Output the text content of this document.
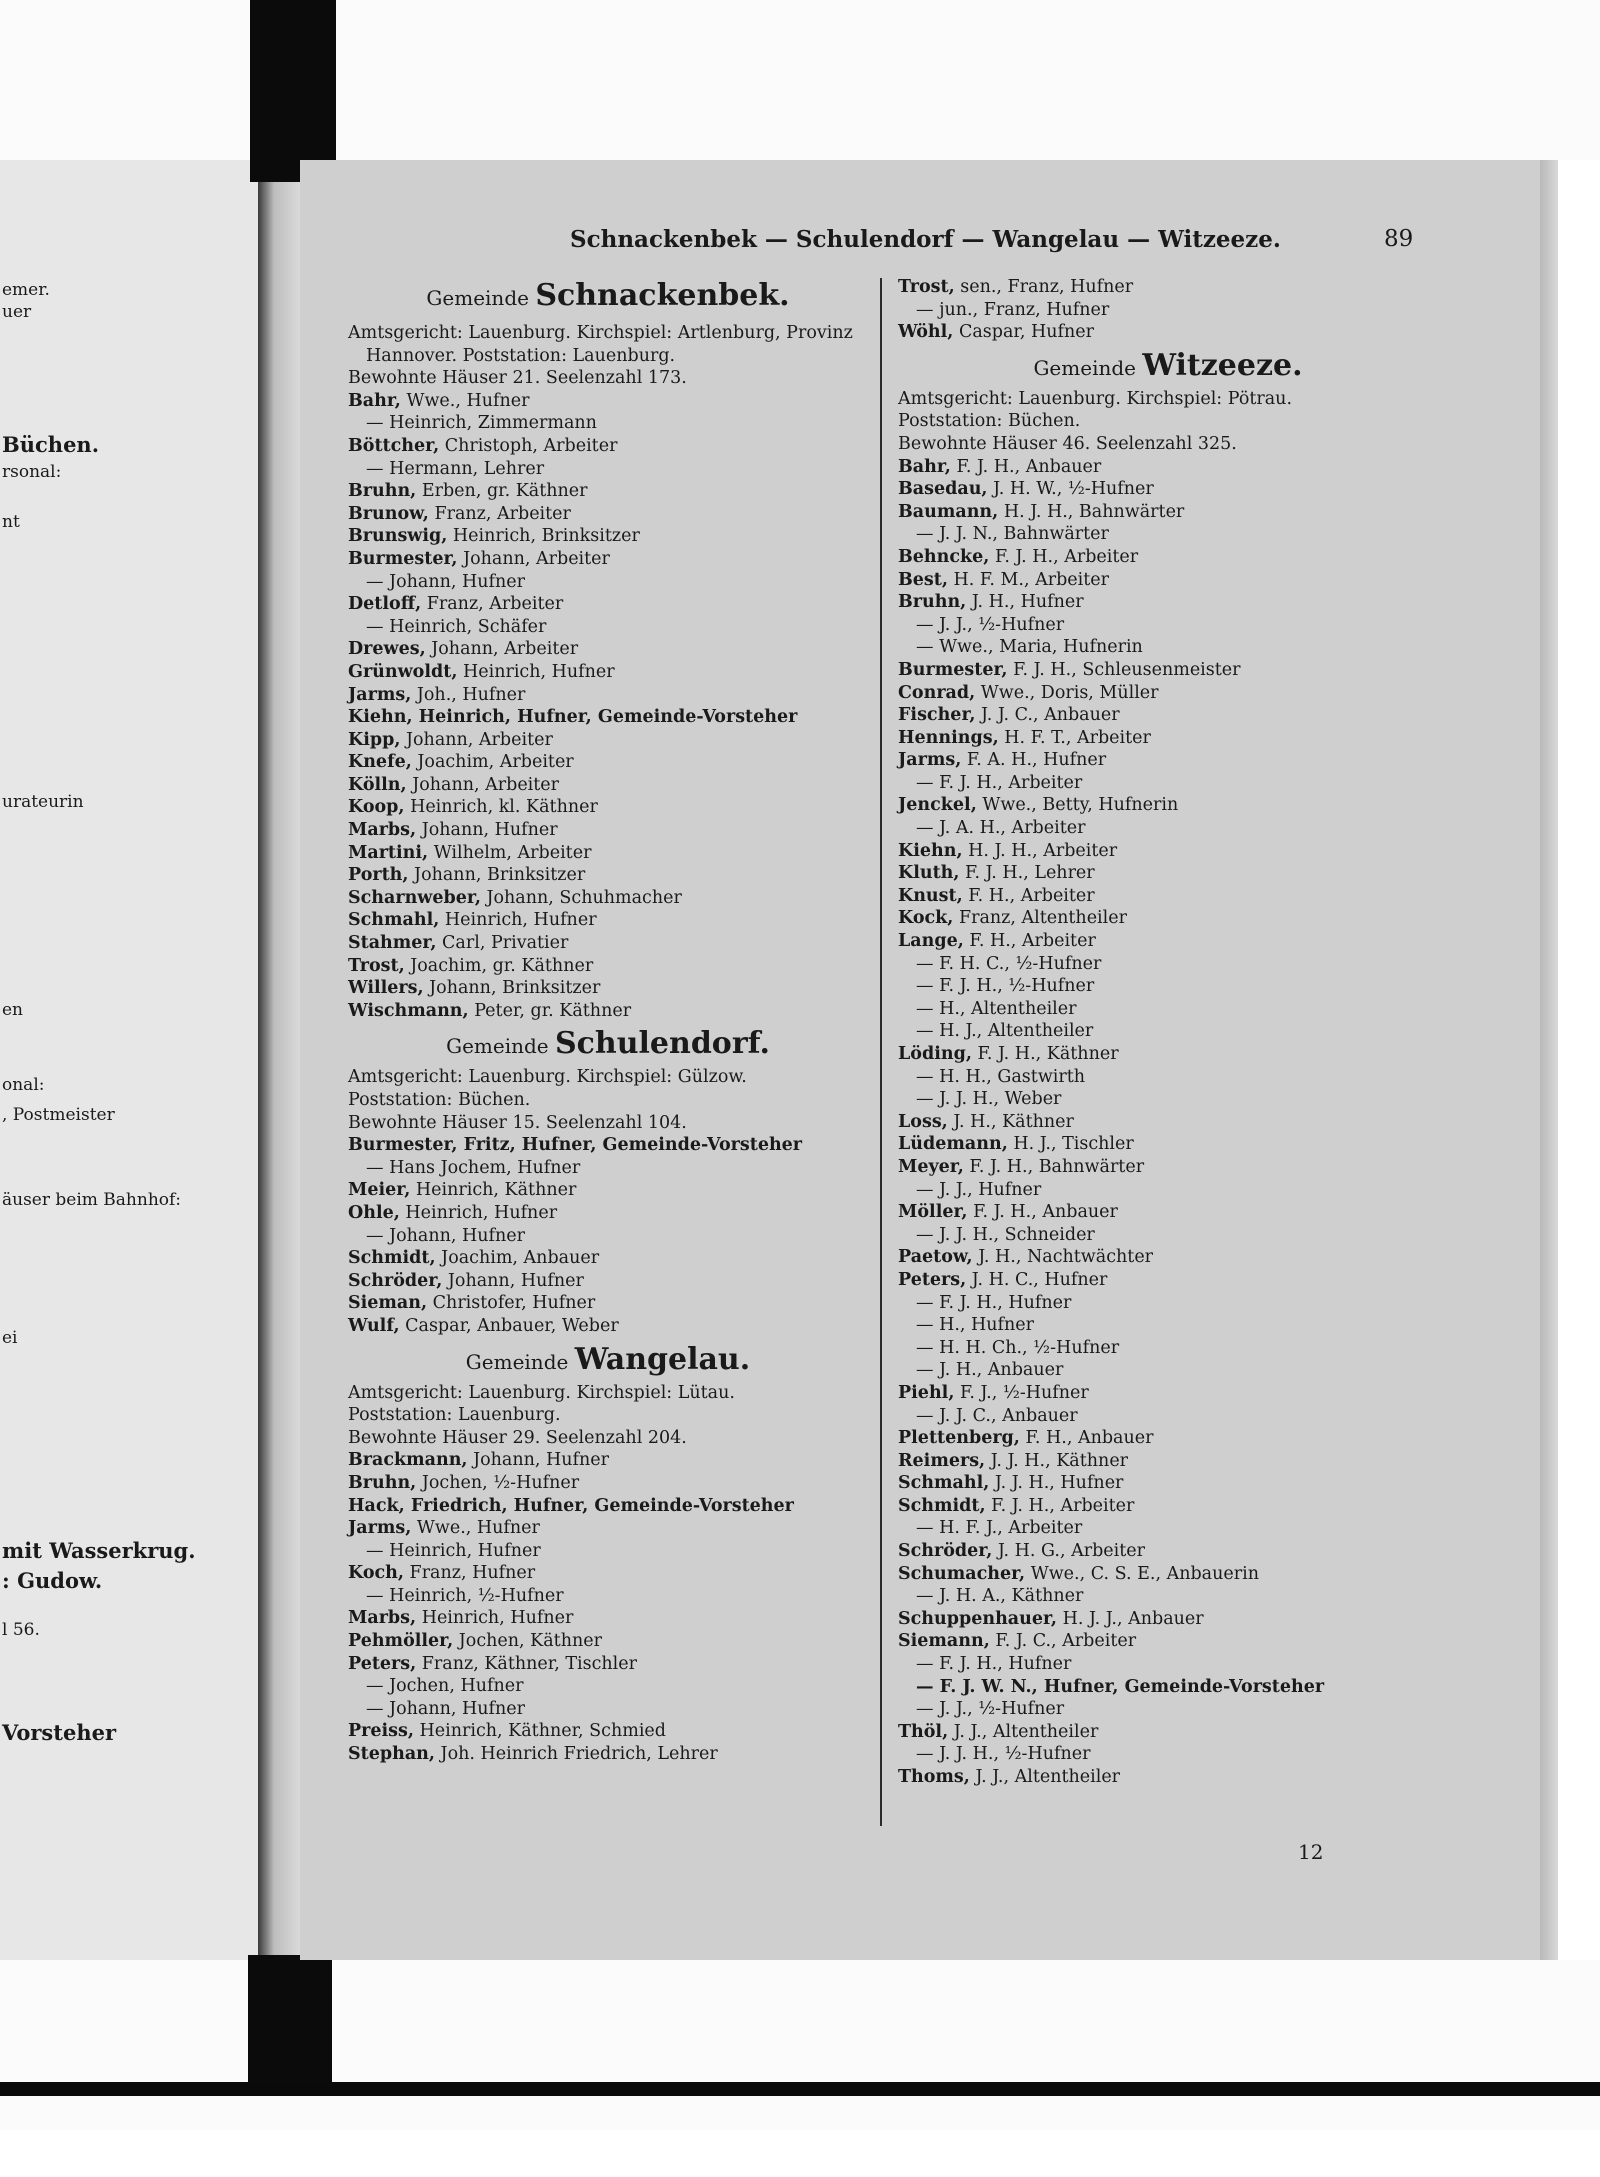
emer.
uer
Büchen.
rsonal:
nt
urateurin
en
onal:
, Postmeister
äuser beim Bahnhof:
ei
mit Wasserkrug.
: Gudow.
l 56.
Vorsteher
Schnackenbek — Schulendorf — Wangelau — Witzeeze.	89
Gemeinde Schnackenbek.
Amtsgericht: Lauenburg. Kirchspiel: Artlenburg, Provinz
Hannover. Poststation: Lauenburg.
Bewohnte Häuser 21. Seelenzahl 173.
Bahr, Wwe., Hufner
— Heinrich, Zimmermann
Böttcher, Christoph, Arbeiter
— Hermann, Lehrer
Bruhn, Erben, gr. Käthner
Brunow, Franz, Arbeiter
Brunswig, Heinrich, Brinksitzer
Burmester, Johann, Arbeiter
— Johann, Hufner
Detloff, Franz, Arbeiter
— Heinrich, Schäfer
Drewes, Johann, Arbeiter
Grünwoldt, Heinrich, Hufner
Jarms, Joh., Hufner
Kiehn, Heinrich, Hufner, Gemeinde-Vorsteher
Kipp, Johann, Arbeiter
Knefe, Joachim, Arbeiter
Kölln, Johann, Arbeiter
Koop, Heinrich, kl. Käthner
Marbs, Johann, Hufner
Martini, Wilhelm, Arbeiter
Porth, Johann, Brinksitzer
Scharnweber, Johann, Schuhmacher
Schmahl, Heinrich, Hufner
Stahmer, Carl, Privatier
Trost, Joachim, gr. Käthner
Willers, Johann, Brinksitzer
Wischmann, Peter, gr. Käthner
Gemeinde Schulendorf.
Amtsgericht: Lauenburg. Kirchspiel: Gülzow.
Poststation: Büchen.
Bewohnte Häuser 15. Seelenzahl 104.
Burmester, Fritz, Hufner, Gemeinde-Vorsteher
— Hans Jochem, Hufner
Meier, Heinrich, Käthner
Ohle, Heinrich, Hufner
— Johann, Hufner
Schmidt, Joachim, Anbauer
Schröder, Johann, Hufner
Sieman, Christofer, Hufner
Wulf, Caspar, Anbauer, Weber
Gemeinde Wangelau.
Amtsgericht: Lauenburg. Kirchspiel: Lütau.
Poststation: Lauenburg.
Bewohnte Häuser 29. Seelenzahl 204.
Brackmann, Johann, Hufner
Bruhn, Jochen, ½-Hufner
Hack, Friedrich, Hufner, Gemeinde-Vorsteher
Jarms, Wwe., Hufner
— Heinrich, Hufner
Koch, Franz, Hufner
— Heinrich, ½-Hufner
Marbs, Heinrich, Hufner
Pehmöller, Jochen, Käthner
Peters, Franz, Käthner, Tischler
— Jochen, Hufner
— Johann, Hufner
Preiss, Heinrich, Käthner, Schmied
Stephan, Joh. Heinrich Friedrich, Lehrer
Trost, sen., Franz, Hufner
— jun., Franz, Hufner
Wöhl, Caspar, Hufner
Gemeinde Witzeeze.
Amtsgericht: Lauenburg. Kirchspiel: Pötrau.
Poststation: Büchen.
Bewohnte Häuser 46. Seelenzahl 325.
Bahr, F. J. H., Anbauer
Basedau, J. H. W., ½-Hufner
Baumann, H. J. H., Bahnwärter
— J. J. N., Bahnwärter
Behncke, F. J. H., Arbeiter
Best, H. F. M., Arbeiter
Bruhn, J. H., Hufner
— J. J., ½-Hufner
— Wwe., Maria, Hufnerin
Burmester, F. J. H., Schleusenmeister
Conrad, Wwe., Doris, Müller
Fischer, J. J. C., Anbauer
Hennings, H. F. T., Arbeiter
Jarms, F. A. H., Hufner
— F. J. H., Arbeiter
Jenckel, Wwe., Betty, Hufnerin
— J. A. H., Arbeiter
Kiehn, H. J. H., Arbeiter
Kluth, F. J. H., Lehrer
Knust, F. H., Arbeiter
Kock, Franz, Altentheiler
Lange, F. H., Arbeiter
— F. H. C., ½-Hufner
— F. J. H., ½-Hufner
— H., Altentheiler
— H. J., Altentheiler
Löding, F. J. H., Käthner
— H. H., Gastwirth
— J. J. H., Weber
Loss, J. H., Käthner
Lüdemann, H. J., Tischler
Meyer, F. J. H., Bahnwärter
— J. J., Hufner
Möller, F. J. H., Anbauer
— J. J. H., Schneider
Paetow, J. H., Nachtwächter
Peters, J. H. C., Hufner
— F. J. H., Hufner
— H., Hufner
— H. H. Ch., ½-Hufner
— J. H., Anbauer
Piehl, F. J., ½-Hufner
— J. J. C., Anbauer
Plettenberg, F. H., Anbauer
Reimers, J. J. H., Käthner
Schmahl, J. J. H., Hufner
Schmidt, F. J. H., Arbeiter
— H. F. J., Arbeiter
Schröder, J. H. G., Arbeiter
Schumacher, Wwe., C. S. E., Anbauerin
— J. H. A., Käthner
Schuppenhauer, H. J. J., Anbauer
Siemann, F. J. C., Arbeiter
— F. J. H., Hufner
— F. J. W. N., Hufner, Gemeinde-Vorsteher
— J. J., ½-Hufner
Thöl, J. J., Altentheiler
— J. J. H., ½-Hufner
Thoms, J. J., Altentheiler
12
